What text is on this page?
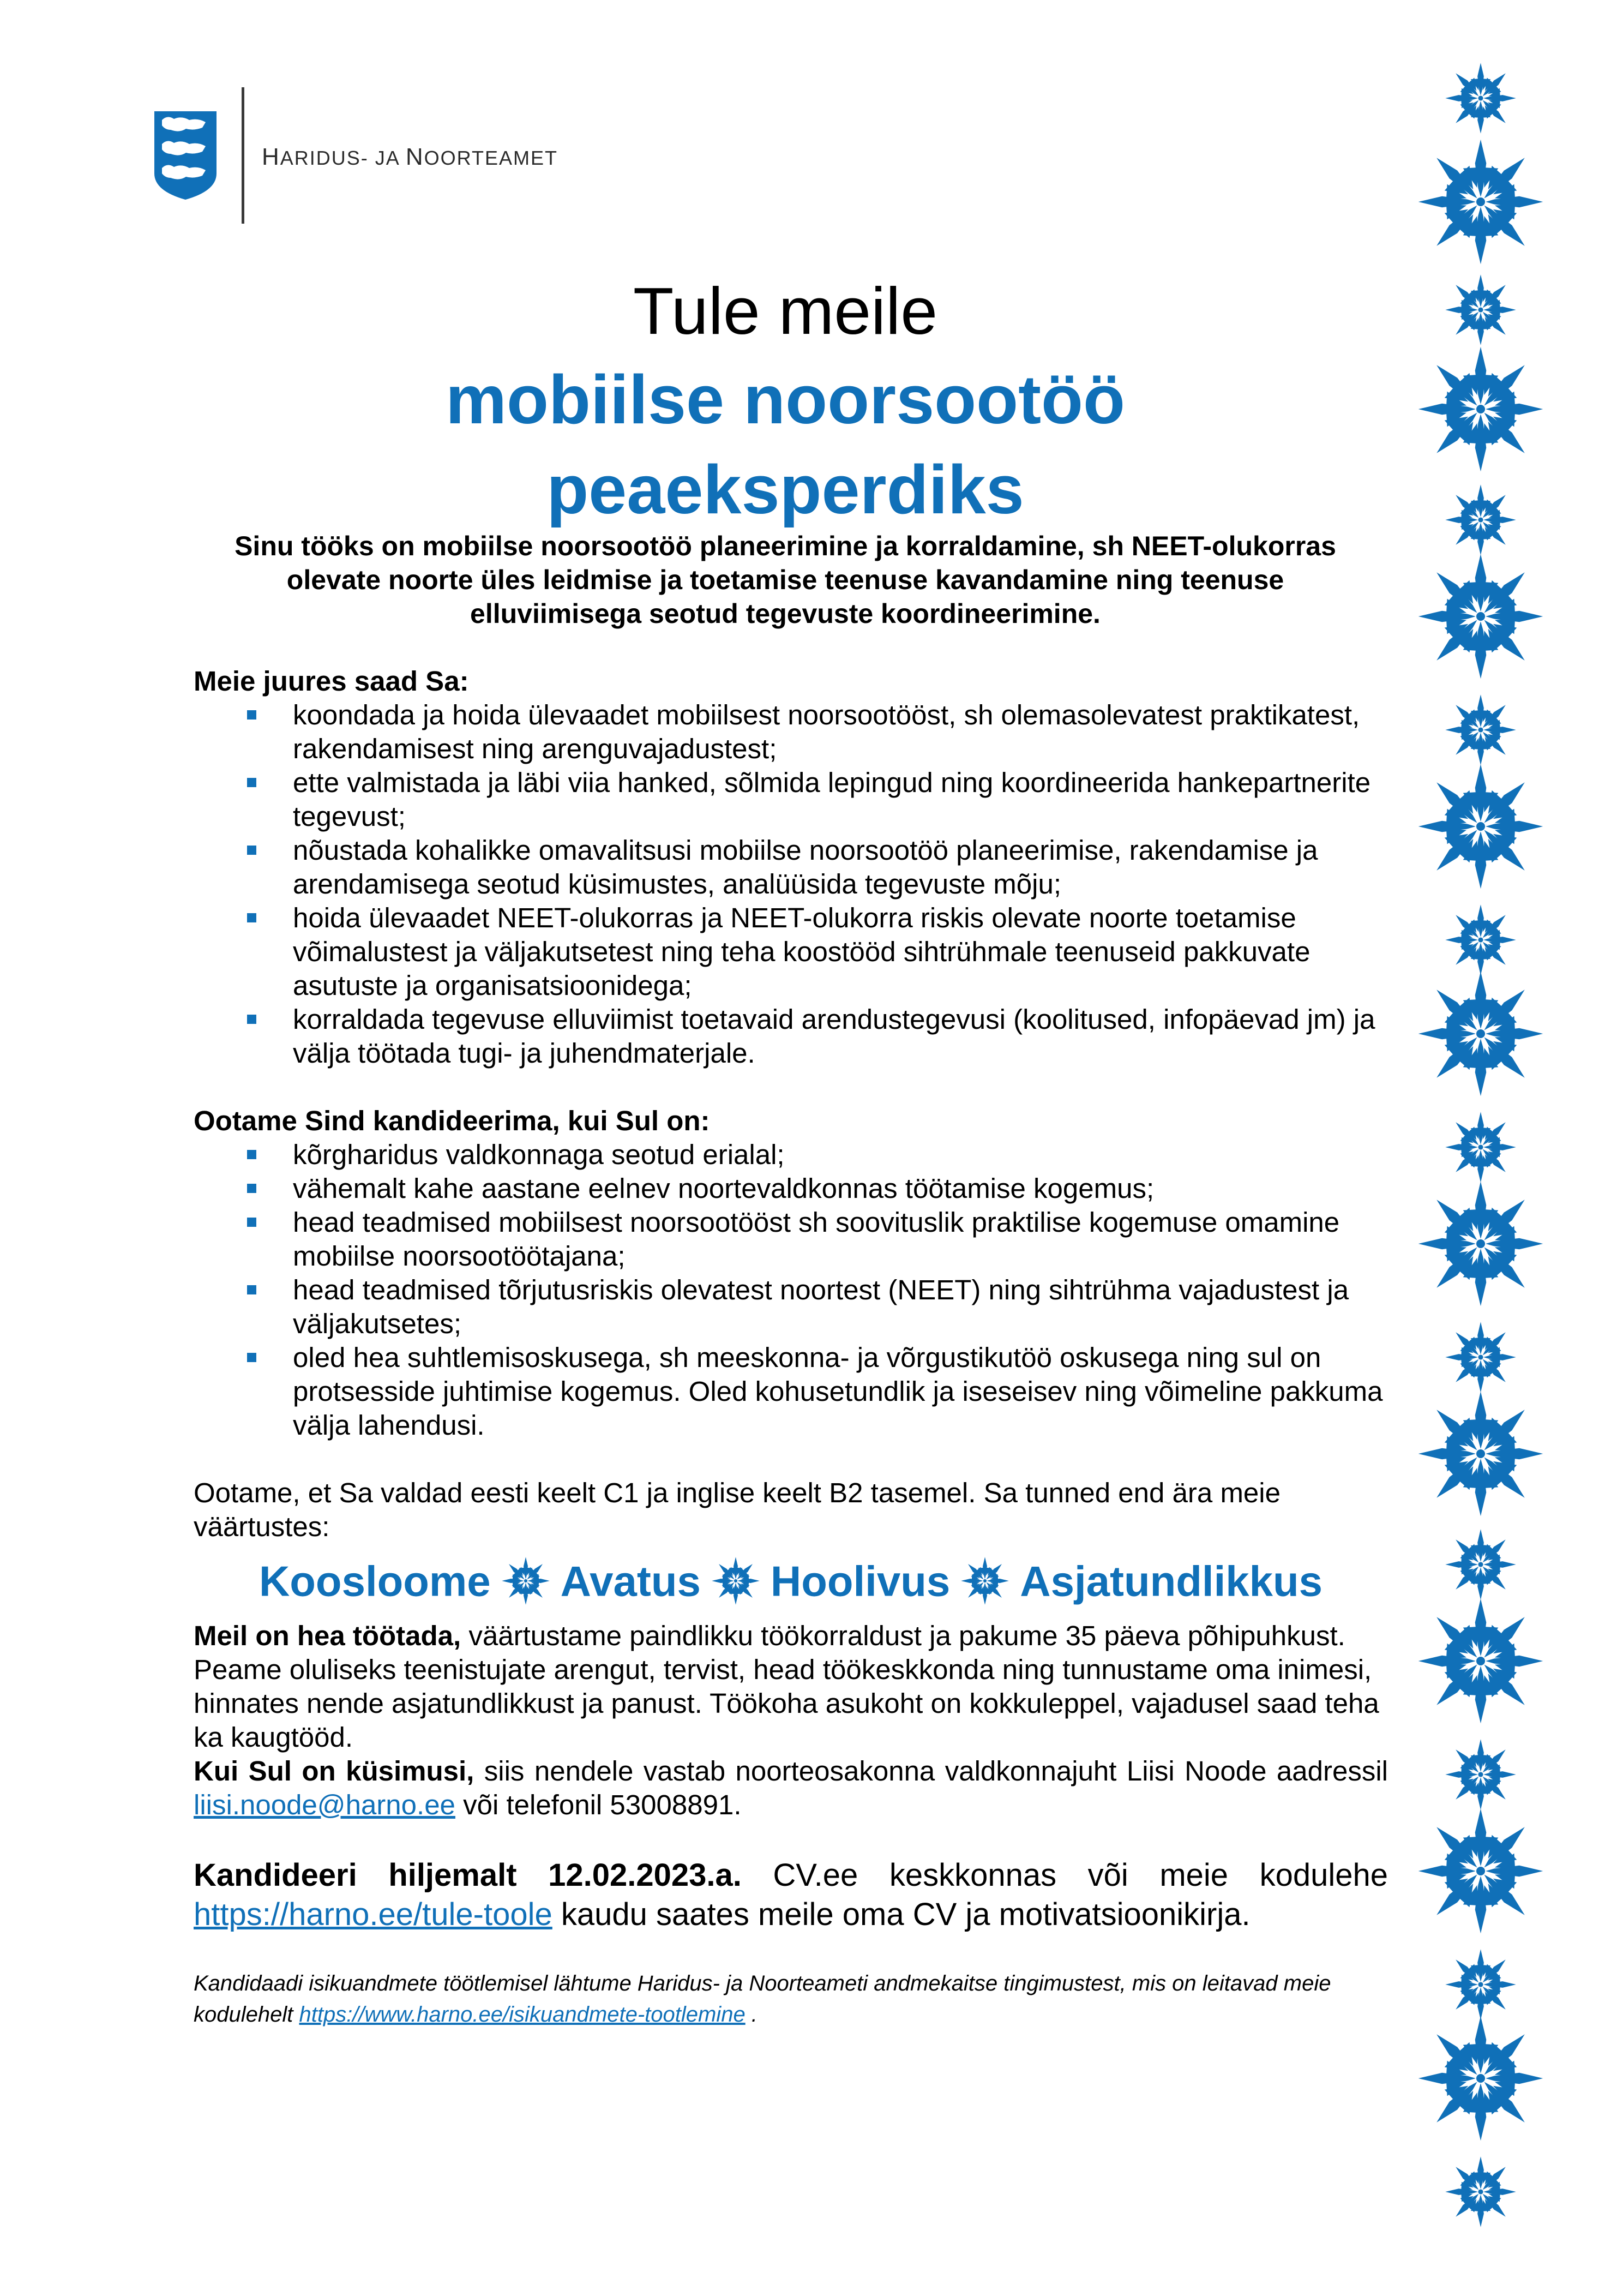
HARIDUS- JA NOORTEAMET
Tule meile
mobiilse noorsootöö
peaeksperdiks
Sinu tööks on mobiilse noorsootöö planeerimine ja korraldamine, sh NEET-olukorras olevate noorte üles leidmise ja toetamise teenuse kavandamine ning teenuse elluviimisega seotud tegevuste koordineerimine.

Meie juures saad Sa:

koondada ja hoida ülevaadet mobiilsest noorsootööst, sh olemasolevatest praktikatest, rakendamisest ning arenguvajadustest;
ette valmistada ja läbi viia hanked, sõlmida lepingud ning koordineerida hankepartnerite tegevust;
nõustada kohalikke omavalitsusi mobiilse noorsootöö planeerimise, rakendamise ja arendamisega seotud küsimustes, analüüsida tegevuste mõju;
hoida ülevaadet NEET-olukorras ja NEET-olukorra riskis olevate noorte toetamise võimalustest ja väljakutsetest ning teha koostööd sihtrühmale teenuseid pakkuvate asutuste ja organisatsioonidega;
korraldada tegevuse elluviimist toetavaid arendustegevusi (koolitused, infopäevad jm) ja välja töötada tugi- ja juhendmaterjale.

Ootame Sind kandideerima, kui Sul on:

kõrgharidus valdkonnaga seotud erialal;
vähemalt kahe aastane eelnev noortevaldkonnas töötamise kogemus;
head teadmised mobiilsest noorsootööst sh soovituslik praktilise kogemuse omamine mobiilse noorsootöötajana;
head teadmised tõrjutusriskis olevatest noortest (NEET) ning sihtrühma vajadustest ja väljakutsetes;
oled hea suhtlemisoskusega, sh meeskonna- ja võrgustikutöö oskusega ning sul on protsesside juhtimise kogemus. Oled kohusetundlik ja iseseisev ning võimeline pakkuma välja lahendusi.

Ootame, et Sa valdad eesti keelt C1 ja inglise keelt B2 tasemel. Sa tunned end ära meie väärtustes:

Koosloome Avatus Hoolivus Asjatundlikkus

Meil on hea töötada, väärtustame paindlikku töökorraldust ja pakume 35 päeva põhipuhkust. Peame oluliseks teenistujate arengut, tervist, head töökeskkonda ning tunnustame oma inimesi, hinnates nende asjatundlikkust ja panust. Töökoha asukoht on kokkuleppel, vajadusel saad teha ka kaugtööd.

Kui Sul on küsimusi, siis nendele vastab noorteosakonna valdkonnajuht Liisi Noode aadressil liisi.noode@harno.ee või telefonil 53008891.

Kandideeri hiljemalt 12.02.2023.a. CV.ee keskkonnas või meie kodulehe https://harno.ee/tule-toole kaudu saates meile oma CV ja motivatsioonikirja.

Kandidaadi isikuandmete töötlemisel lähtume Haridus- ja Noorteameti andmekaitse tingimustest, mis on leitavad meie kodulehelt https://www.harno.ee/isikuandmete-tootlemine .
